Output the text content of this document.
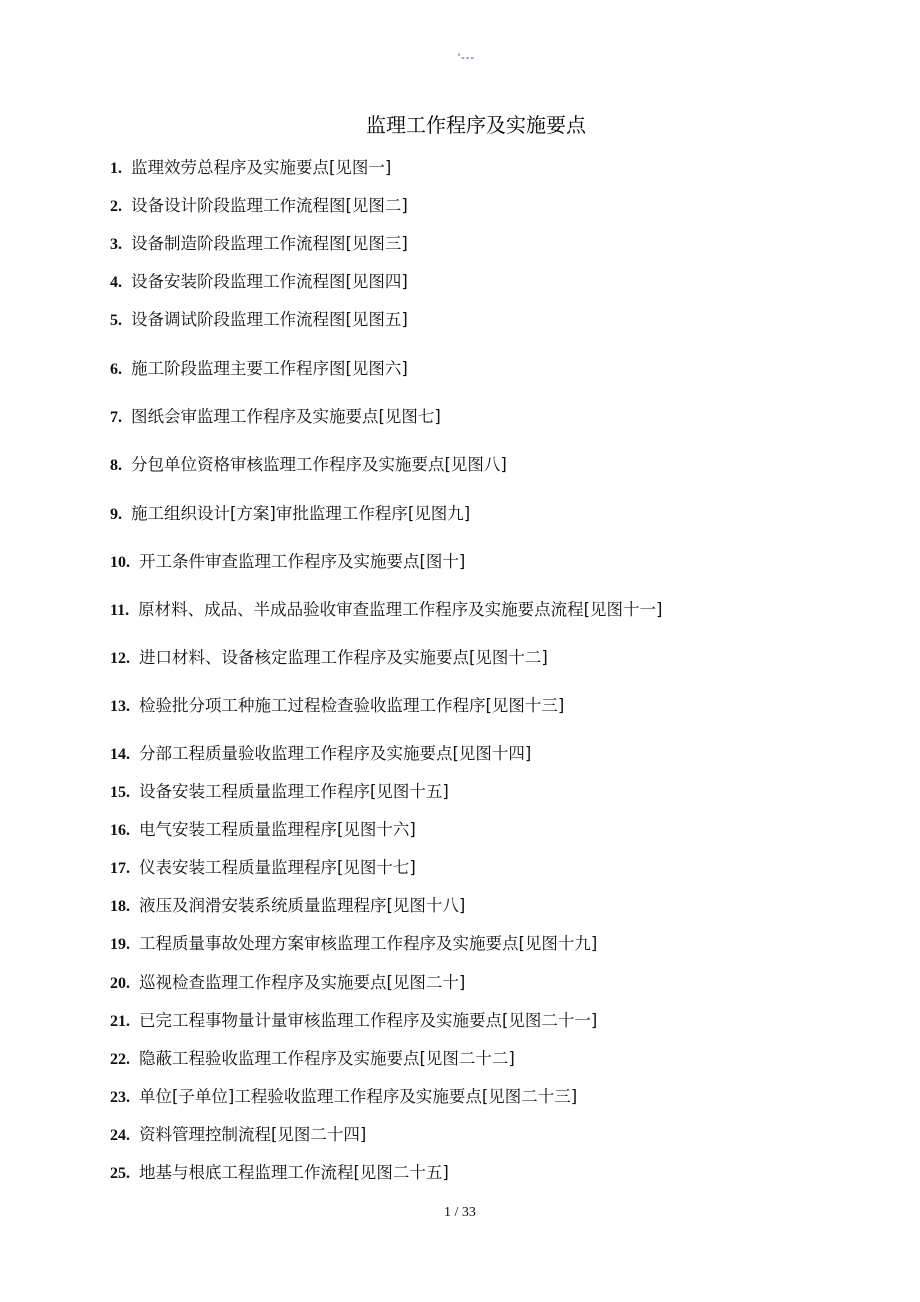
'---
监理工作程序及实施要点
1. 监理效劳总程序及实施要点[见图一]
2. 设备设计阶段监理工作流程图[见图二]
3. 设备制造阶段监理工作流程图[见图三]
4. 设备安装阶段监理工作流程图[见图四]
5. 设备调试阶段监理工作流程图[见图五]
6. 施工阶段监理主要工作程序图[见图六]
7. 图纸会审监理工作程序及实施要点[见图七]
8. 分包单位资格审核监理工作程序及实施要点[见图八]
9. 施工组织设计[方案]审批监理工作程序[见图九]
10. 开工条件审查监理工作程序及实施要点[图十]
11. 原材料、成品、半成品验收审查监理工作程序及实施要点流程[见图十一]
12. 进口材料、设备核定监理工作程序及实施要点[见图十二]
13. 检验批分项工种施工过程检查验收监理工作程序[见图十三]
14. 分部工程质量验收监理工作程序及实施要点[见图十四]
15. 设备安装工程质量监理工作程序[见图十五]
16. 电气安装工程质量监理程序[见图十六]
17. 仪表安装工程质量监理程序[见图十七]
18. 液压及润滑安装系统质量监理程序[见图十八]
19. 工程质量事故处理方案审核监理工作程序及实施要点[见图十九]
20. 巡视检查监理工作程序及实施要点[见图二十]
21. 已完工程事物量计量审核监理工作程序及实施要点[见图二十一]
22. 隐蔽工程验收监理工作程序及实施要点[见图二十二]
23. 单位[子单位]工程验收监理工作程序及实施要点[见图二十三]
24. 资料管理控制流程[见图二十四]
25. 地基与根底工程监理工作流程[见图二十五]
1 / 33
